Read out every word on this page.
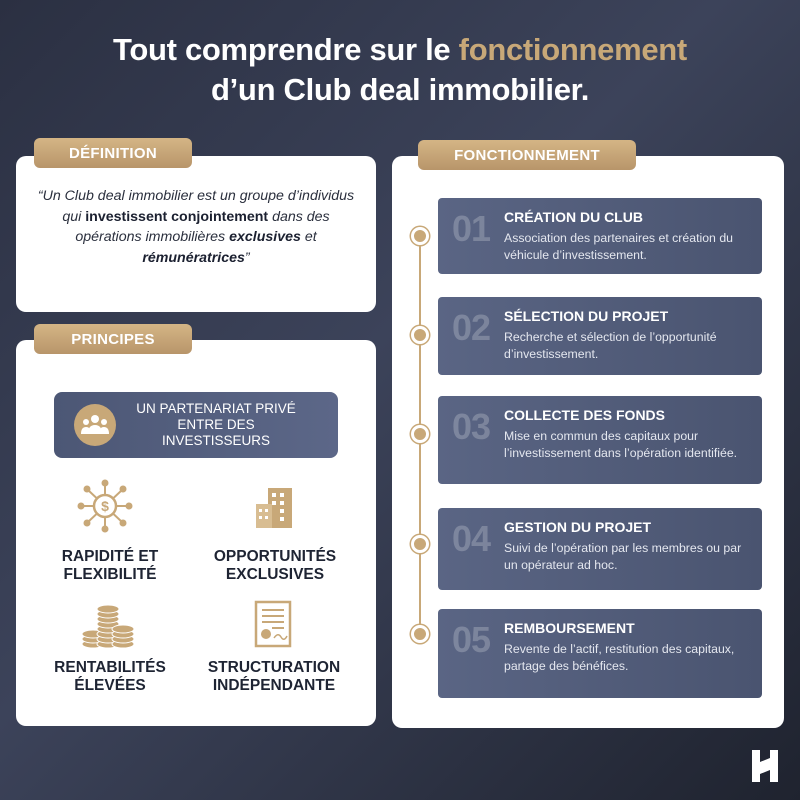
Tout comprendre sur le fonctionnement
d’un Club deal immobilier.
DÉFINITION
“Un Club deal immobilier est un groupe d’individus qui investissent conjointement dans des opérations immobilières exclusives et rémunératrices”
PRINCIPES
UN PARTENARIAT PRIVÉ ENTRE DES INVESTISSEURS
$
RAPIDITÉ ET FLEXIBILITÉ
OPPORTUNITÉS EXCLUSIVES
RENTABILITÉS ÉLEVÉES
STRUCTURATION INDÉPENDANTE
FONCTIONNEMENT
01 CRÉATION DU CLUB
Association des partenaires et création du véhicule d’investissement.
02 SÉLECTION DU PROJET
Recherche et sélection de l’opportunité d’investissement.
03 COLLECTE DES FONDS
Mise en commun des capitaux pour l’investissement dans l’opération identifiée.
04 GESTION DU PROJET
Suivi de l’opération par les membres ou par un opérateur ad hoc.
05 REMBOURSEMENT
Revente de l’actif, restitution des capitaux, partage des bénéfices.
